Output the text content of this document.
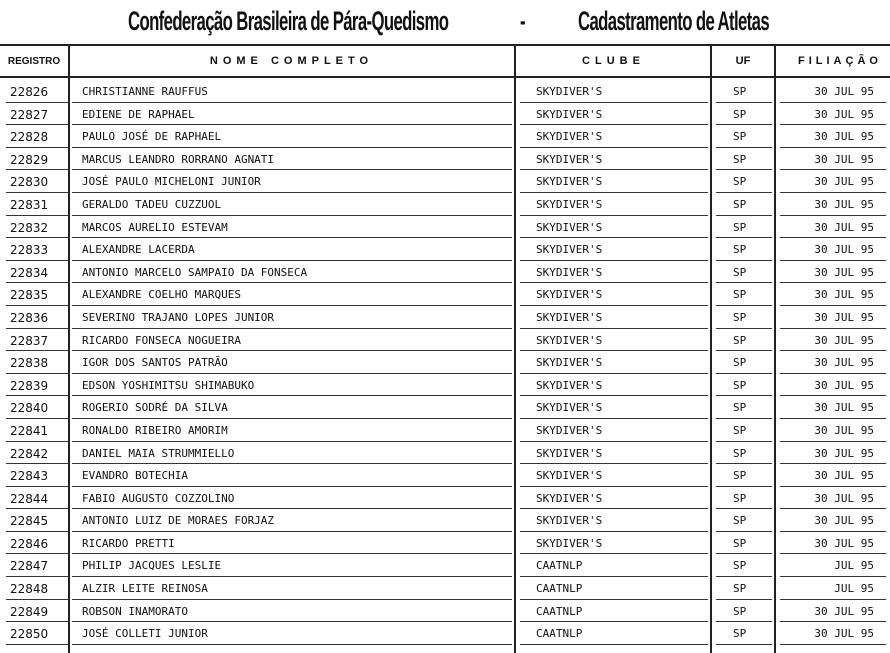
Confederação Brasileira de Pára-Quedismo	- Cadastramento de Atletas
REGISTRO	NOME COMPLETO	CLUBE	UF	FILIAÇÃO
22826	CHRISTIANNE RAUFFUS	SKYDIVER'S	SP	30 JUL 95
22827	EDIENE DE RAPHAEL	SKYDIVER'S	SP	30 JUL 95
22828	PAULO JOSÉ DE RAPHAEL	SKYDIVER'S	SP	30 JUL 95
22829	MARCUS LEANDRO RORRANO AGNATI	SKYDIVER'S	SP	30 JUL 95
22830	JOSÉ PAULO MICHELONI JUNIOR	SKYDIVER'S	SP	30 JUL 95
22831	GERALDO TADEU CUZZUOL	SKYDIVER'S	SP	30 JUL 95
22832	MARCOS AURELIO ESTEVAM	SKYDIVER'S	SP	30 JUL 95
22833	ALEXANDRE LACERDA	SKYDIVER'S	SP	30 JUL 95
22834	ANTONIO MARCELO SAMPAIO DA FONSECA	SKYDIVER'S	SP	30 JUL 95
22835	ALEXANDRE COELHO MARQUES	SKYDIVER'S	SP	30 JUL 95
22836	SEVERINO TRAJANO LOPES JUNIOR	SKYDIVER'S	SP	30 JUL 95
22837	RICARDO FONSECA NOGUEIRA	SKYDIVER'S	SP	30 JUL 95
22838	IGOR DOS SANTOS PATRÃO	SKYDIVER'S	SP	30 JUL 95
22839	EDSON YOSHIMITSU SHIMABUKO	SKYDIVER'S	SP	30 JUL 95
22840	ROGERIO SODRÉ DA SILVA	SKYDIVER'S	SP	30 JUL 95
22841	RONALDO RIBEIRO AMORIM	SKYDIVER'S	SP	30 JUL 95
22842	DANIEL MAIA STRUMMIELLO	SKYDIVER'S	SP	30 JUL 95
22843	EVANDRO BOTECHIA	SKYDIVER'S	SP	30 JUL 95
22844	FABIO AUGUSTO COZZOLINO	SKYDIVER'S	SP	30 JUL 95
22845	ANTONIO LUIZ DE MORAES FORJAZ	SKYDIVER'S	SP	30 JUL 95
22846	RICARDO PRETTI	SKYDIVER'S	SP	30 JUL 95
22847	PHILIP JACQUES LESLIE	CAATNLP	SP	JUL 95
22848	ALZIR LEITE REINOSA	CAATNLP	SP	JUL 95
22849	ROBSON INAMORATO	CAATNLP	SP	30 JUL 95
22850	JOSÉ COLLETI JUNIOR	CAATNLP	SP	30 JUL 95
